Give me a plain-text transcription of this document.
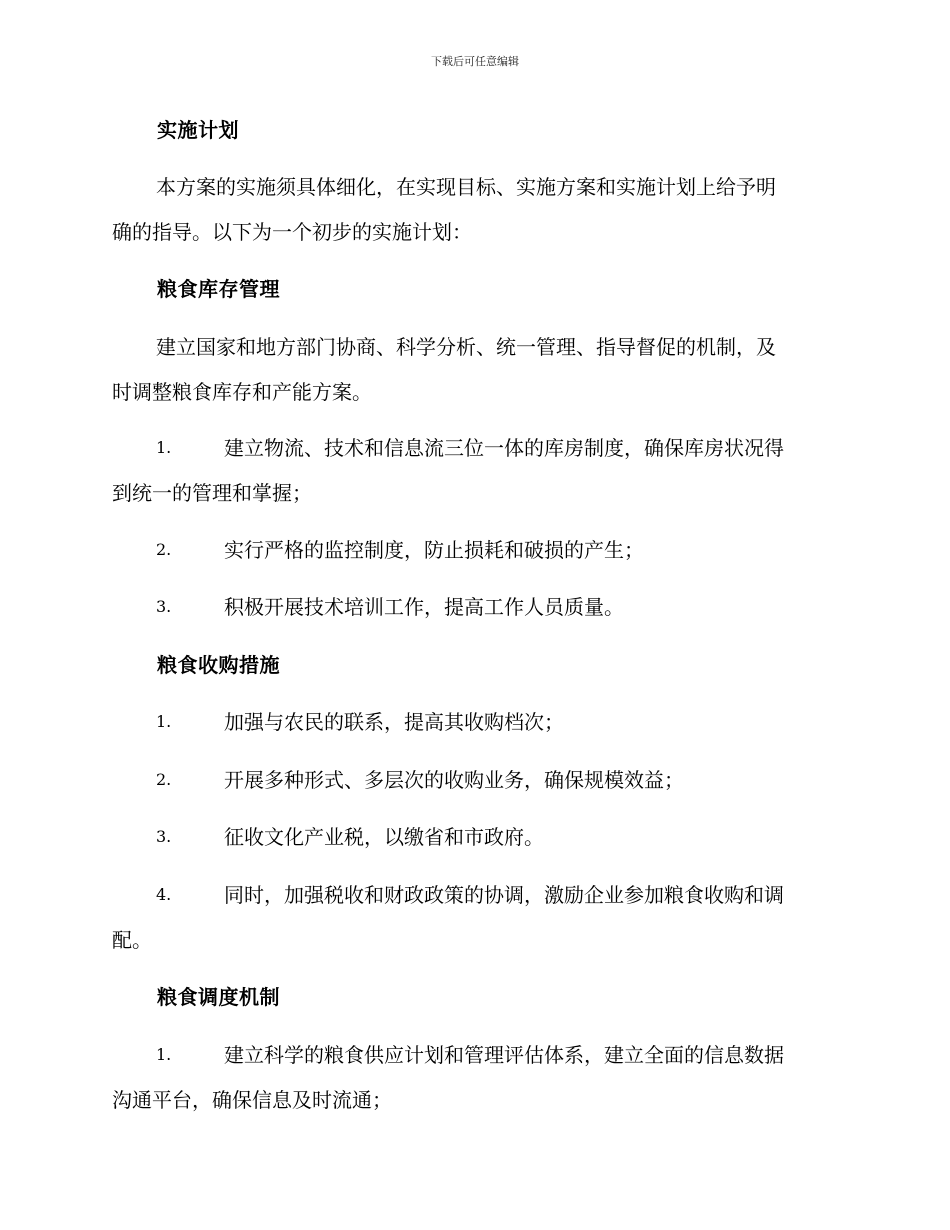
下载后可任意编辑
实施计划
本方案的实施须具体细化，在实现目标、实施方案和实施计划上给予明
确的指导。以下为一个初步的实施计划：
粮食库存管理
建立国家和地方部门协商、科学分析、统一管理、指导督促的机制，及
时调整粮食库存和产能方案。
1.	建立物流、技术和信息流三位一体的库房制度，确保库房状况得
到统一的管理和掌握；
2.	实行严格的监控制度，防止损耗和破损的产生；
3.	积极开展技术培训工作，提高工作人员质量。
粮食收购措施
1.	加强与农民的联系，提高其收购档次；
2.	开展多种形式、多层次的收购业务，确保规模效益；
3.	征收文化产业税，以缴省和市政府。
4.	同时，加强税收和财政政策的协调，激励企业参加粮食收购和调
配。
粮食调度机制
1.	建立科学的粮食供应计划和管理评估体系，建立全面的信息数据
沟通平台，确保信息及时流通；
